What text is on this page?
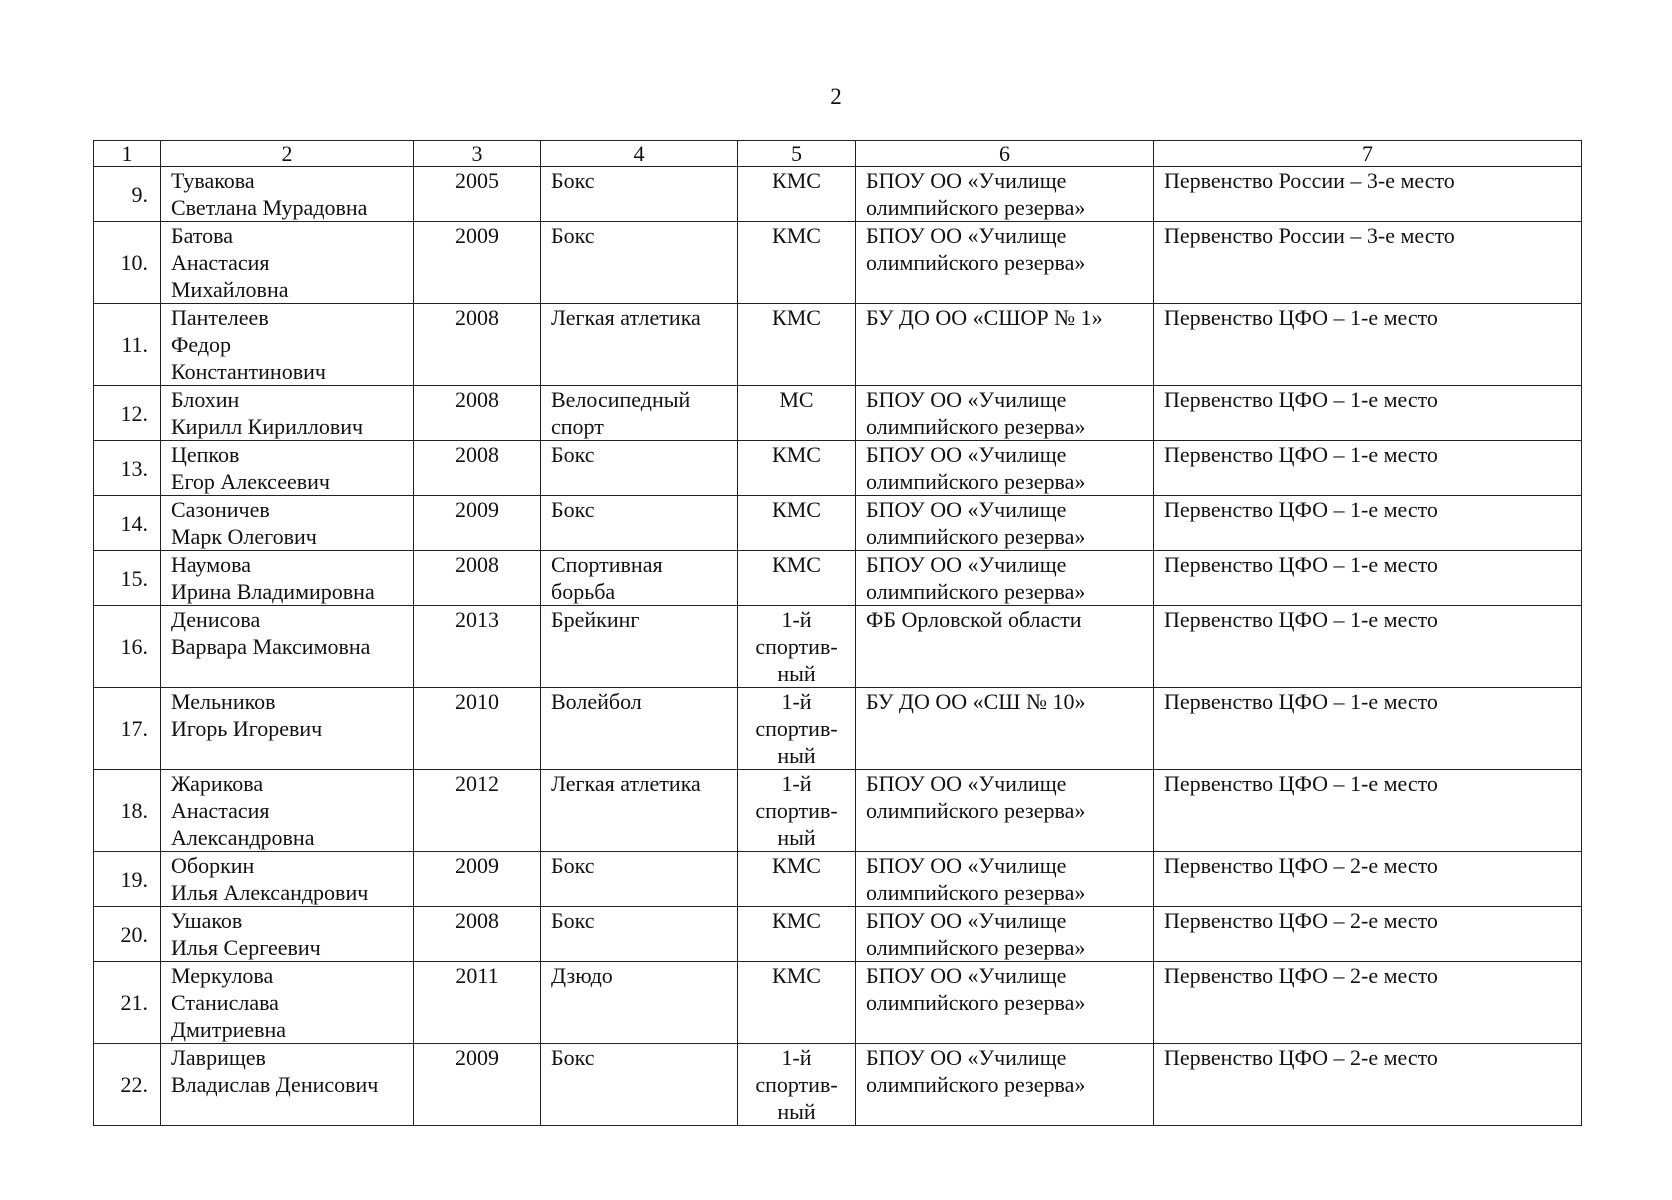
2
1	2	3	4	5	6	7
9.	Тувакова
Светлана Мурадовна	2005	Бокс	КМС	БПОУ ОО «Училище
олимпийского резерва»	Первенство России – 3-е место
10.	Батова
Анастасия
Михайловна	2009	Бокс	КМС	БПОУ ОО «Училище
олимпийского резерва»	Первенство России – 3-е место
11.	Пантелеев
Федор
Константинович	2008	Легкая атлетика	КМС	БУ ДО ОО «СШОР № 1»	Первенство ЦФО – 1-е место
12.	Блохин
Кирилл Кириллович	2008	Велосипедный
спорт	МС	БПОУ ОО «Училище
олимпийского резерва»	Первенство ЦФО – 1-е место
13.	Цепков
Егор Алексеевич	2008	Бокс	КМС	БПОУ ОО «Училище
олимпийского резерва»	Первенство ЦФО – 1-е место
14.	Сазоничев
Марк Олегович	2009	Бокс	КМС	БПОУ ОО «Училище
олимпийского резерва»	Первенство ЦФО – 1-е место
15.	Наумова
Ирина Владимировна	2008	Спортивная
борьба	КМС	БПОУ ОО «Училище
олимпийского резерва»	Первенство ЦФО – 1-е место
16.	Денисова
Варвара Максимовна	2013	Брейкинг	1-й
спортив-
ный	ФБ Орловской области	Первенство ЦФО – 1-е место
17.	Мельников
Игорь Игоревич	2010	Волейбол	1-й
спортив-
ный	БУ ДО ОО «СШ № 10»	Первенство ЦФО – 1-е место
18.	Жарикова
Анастасия
Александровна	2012	Легкая атлетика	1-й
спортив-
ный	БПОУ ОО «Училище
олимпийского резерва»	Первенство ЦФО – 1-е место
19.	Оборкин
Илья Александрович	2009	Бокс	КМС	БПОУ ОО «Училище
олимпийского резерва»	Первенство ЦФО – 2-е место
20.	Ушаков
Илья Сергеевич	2008	Бокс	КМС	БПОУ ОО «Училище
олимпийского резерва»	Первенство ЦФО – 2-е место
21.	Меркулова
Станислава
Дмитриевна	2011	Дзюдо	КМС	БПОУ ОО «Училище
олимпийского резерва»	Первенство ЦФО – 2-е место
22.	Лаврищев
Владислав Денисович	2009	Бокс	1-й
спортив-
ный	БПОУ ОО «Училище
олимпийского резерва»	Первенство ЦФО – 2-е место
